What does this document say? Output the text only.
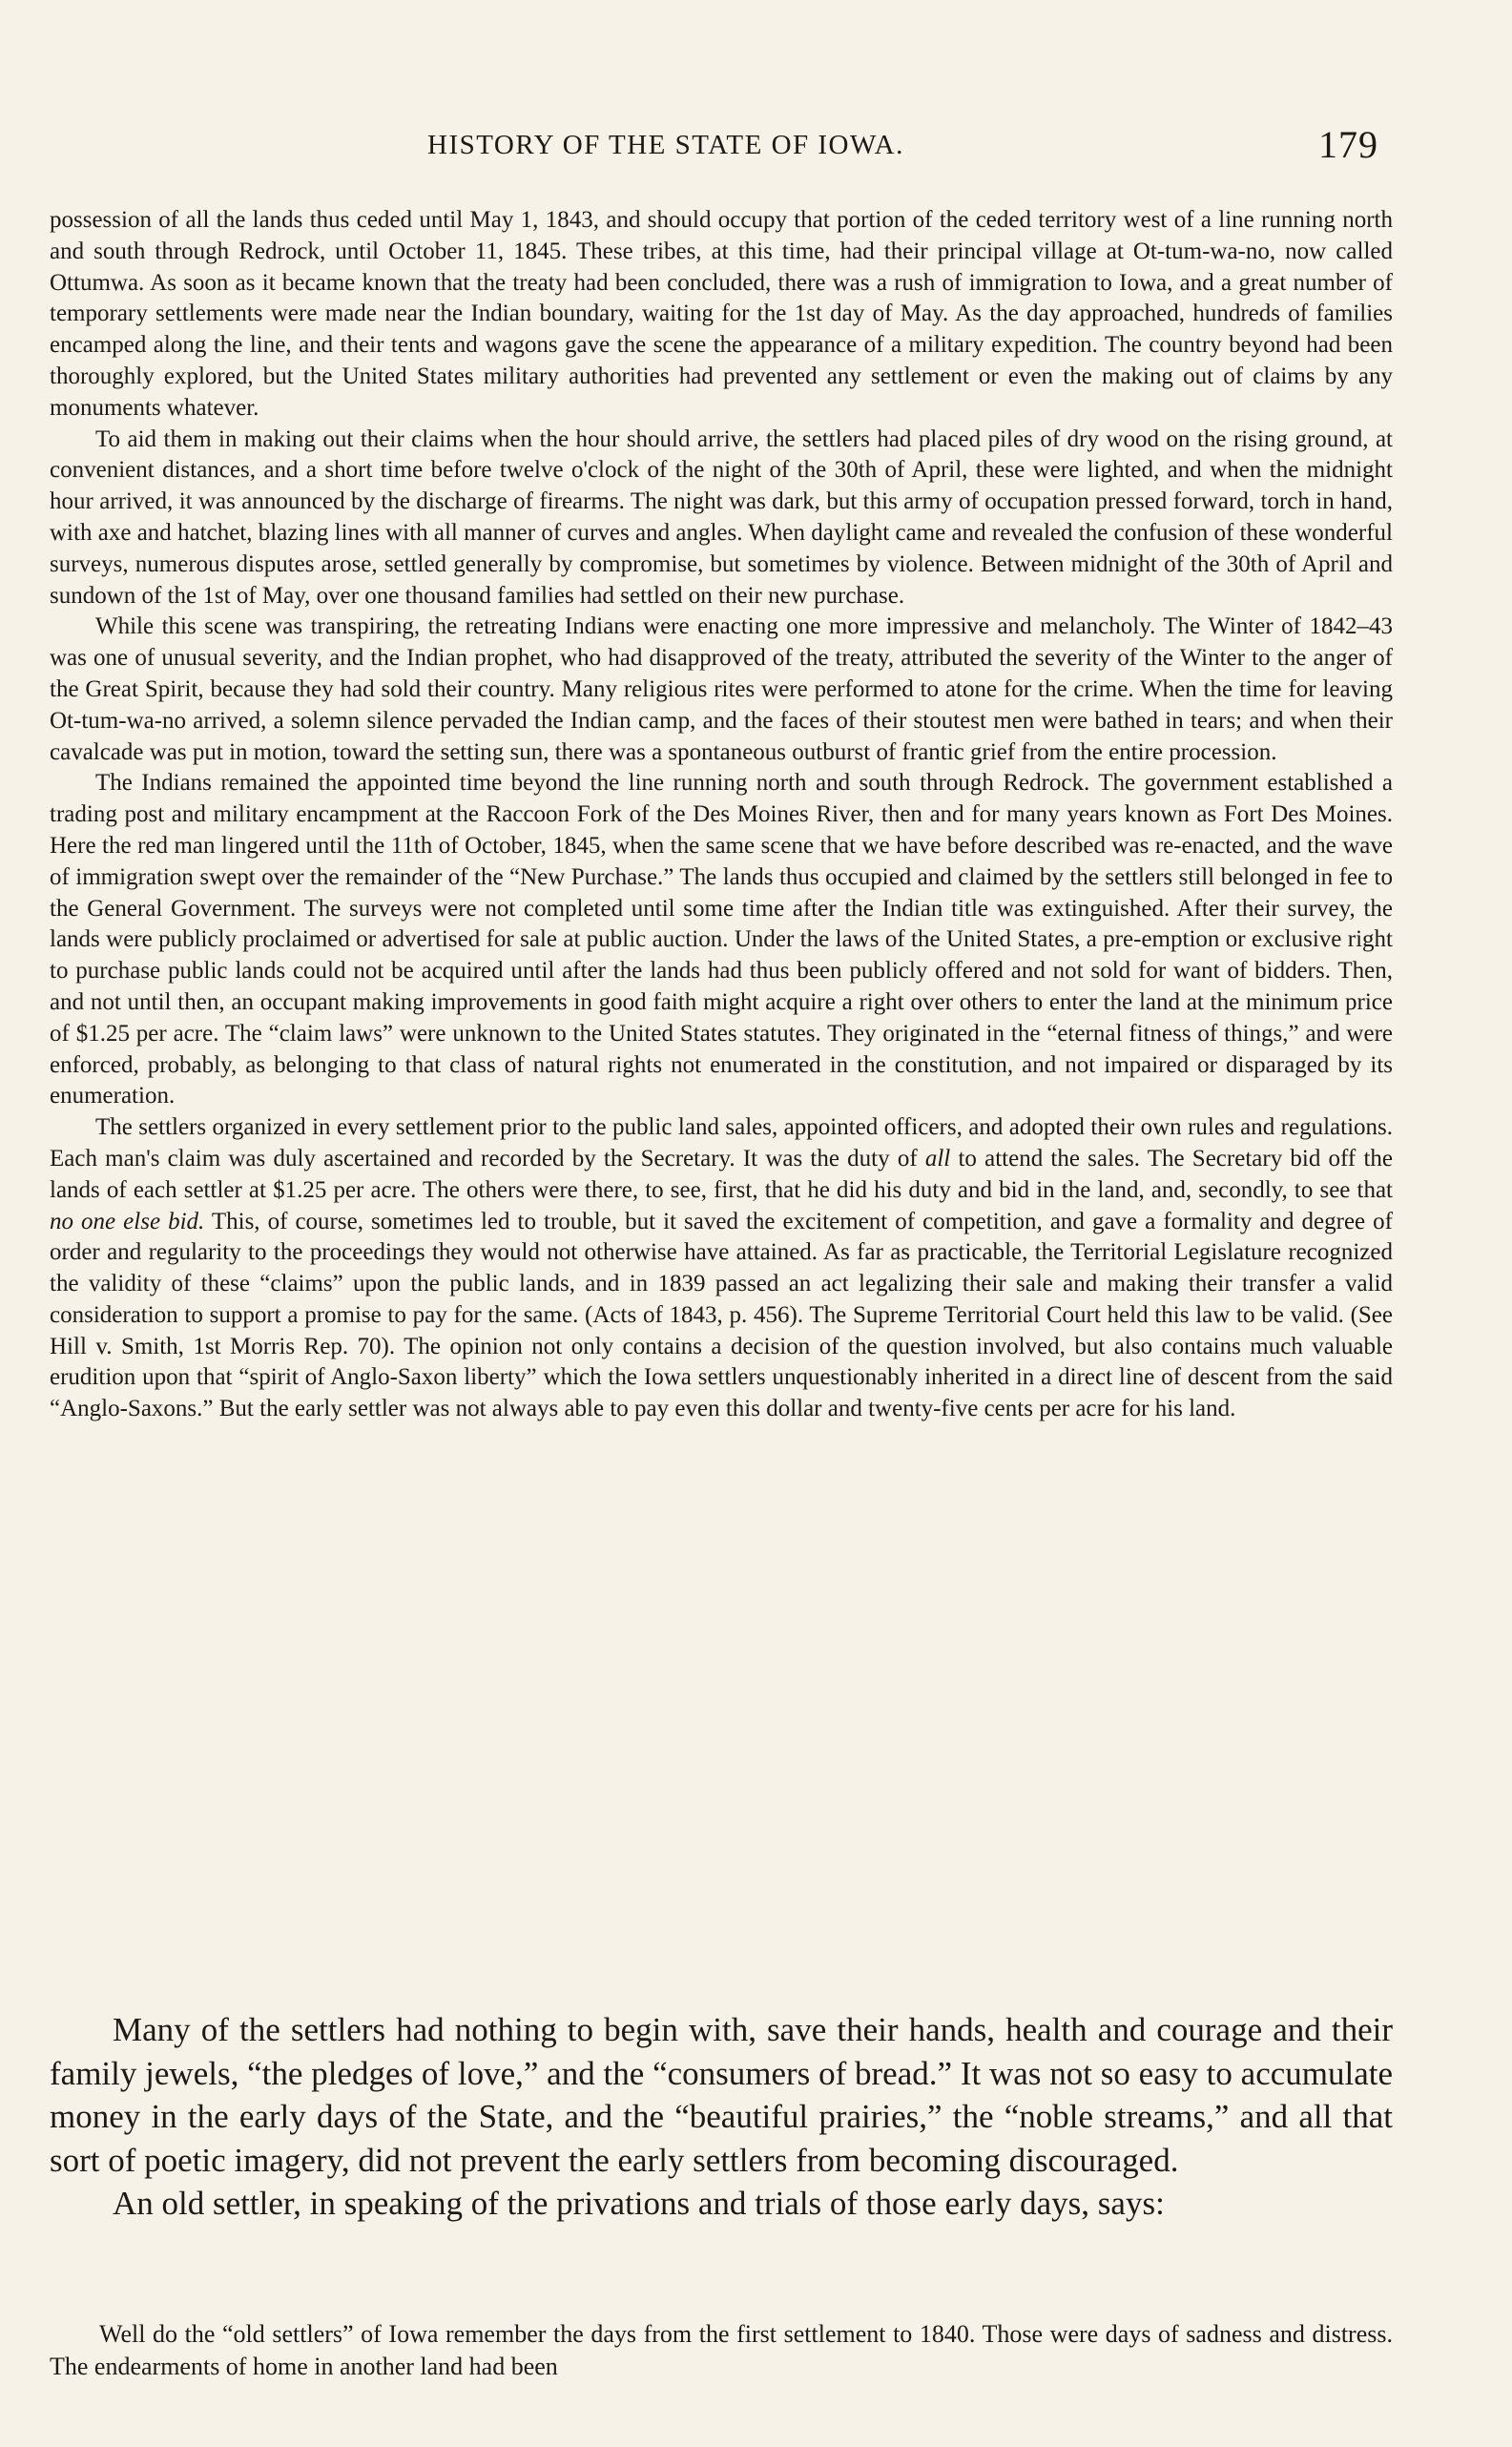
HISTORY OF THE STATE OF IOWA.	179

possession of all the lands thus ceded until May 1, 1843, and should occupy that portion of the ceded territory west of a line running north and south through Redrock, until October 11, 1845. These tribes, at this time, had their principal village at Ot-tum-wa-no, now called Ottumwa. As soon as it became known that the treaty had been concluded, there was a rush of immigration to Iowa, and a great number of temporary settlements were made near the Indian boundary, waiting for the 1st day of May. As the day approached, hundreds of families encamped along the line, and their tents and wagons gave the scene the appearance of a military expedition. The country beyond had been thoroughly explored, but the United States military authorities had prevented any settlement or even the making out of claims by any monuments whatever.

To aid them in making out their claims when the hour should arrive, the settlers had placed piles of dry wood on the rising ground, at convenient distances, and a short time before twelve o'clock of the night of the 30th of April, these were lighted, and when the midnight hour arrived, it was announced by the discharge of firearms. The night was dark, but this army of occupation pressed forward, torch in hand, with axe and hatchet, blazing lines with all manner of curves and angles. When daylight came and revealed the confusion of these wonderful surveys, numerous disputes arose, settled generally by compromise, but sometimes by violence. Between midnight of the 30th of April and sundown of the 1st of May, over one thousand families had settled on their new purchase.

While this scene was transpiring, the retreating Indians were enacting one more impressive and melancholy. The Winter of 1842–43 was one of unusual severity, and the Indian prophet, who had disapproved of the treaty, attributed the severity of the Winter to the anger of the Great Spirit, because they had sold their country. Many religious rites were performed to atone for the crime. When the time for leaving Ot-tum-wa-no arrived, a solemn silence pervaded the Indian camp, and the faces of their stoutest men were bathed in tears; and when their cavalcade was put in motion, toward the setting sun, there was a spontaneous outburst of frantic grief from the entire procession.

The Indians remained the appointed time beyond the line running north and south through Redrock. The government established a trading post and military encampment at the Raccoon Fork of the Des Moines River, then and for many years known as Fort Des Moines. Here the red man lingered until the 11th of October, 1845, when the same scene that we have before described was re-enacted, and the wave of immigration swept over the remainder of the “New Purchase.” The lands thus occupied and claimed by the settlers still belonged in fee to the General Government. The surveys were not completed until some time after the Indian title was extinguished. After their survey, the lands were publicly proclaimed or advertised for sale at public auction. Under the laws of the United States, a pre-emption or exclusive right to purchase public lands could not be acquired until after the lands had thus been publicly offered and not sold for want of bidders. Then, and not until then, an occupant making improvements in good faith might acquire a right over others to enter the land at the minimum price of $1.25 per acre. The “claim laws” were unknown to the United States statutes. They originated in the “eternal fitness of things,” and were enforced, probably, as belonging to that class of natural rights not enumerated in the constitution, and not impaired or disparaged by its enumeration.

The settlers organized in every settlement prior to the public land sales, appointed officers, and adopted their own rules and regulations. Each man's claim was duly ascertained and recorded by the Secretary. It was the duty of all to attend the sales. The Secretary bid off the lands of each settler at $1.25 per acre. The others were there, to see, first, that he did his duty and bid in the land, and, secondly, to see that no one else bid. This, of course, sometimes led to trouble, but it saved the excitement of competition, and gave a formality and degree of order and regularity to the proceedings they would not otherwise have attained. As far as practicable, the Territorial Legislature recognized the validity of these “claims” upon the public lands, and in 1839 passed an act legalizing their sale and making their transfer a valid consideration to support a promise to pay for the same. (Acts of 1843, p. 456). The Supreme Territorial Court held this law to be valid. (See Hill v. Smith, 1st Morris Rep. 70). The opinion not only contains a decision of the question involved, but also contains much valuable erudition upon that “spirit of Anglo-Saxon liberty” which the Iowa settlers unquestionably inherited in a direct line of descent from the said “Anglo-Saxons.” But the early settler was not always able to pay even this dollar and twenty-five cents per acre for his land.

Many of the settlers had nothing to begin with, save their hands, health and courage and their family jewels, “the pledges of love,” and the “consumers of bread.” It was not so easy to accumulate money in the early days of the State, and the “beautiful prairies,” the “noble streams,” and all that sort of poetic imagery, did not prevent the early settlers from becoming discouraged.

An old settler, in speaking of the privations and trials of those early days, says:

Well do the “old settlers” of Iowa remember the days from the first settlement to 1840. Those were days of sadness and distress. The endearments of home in another land had been
